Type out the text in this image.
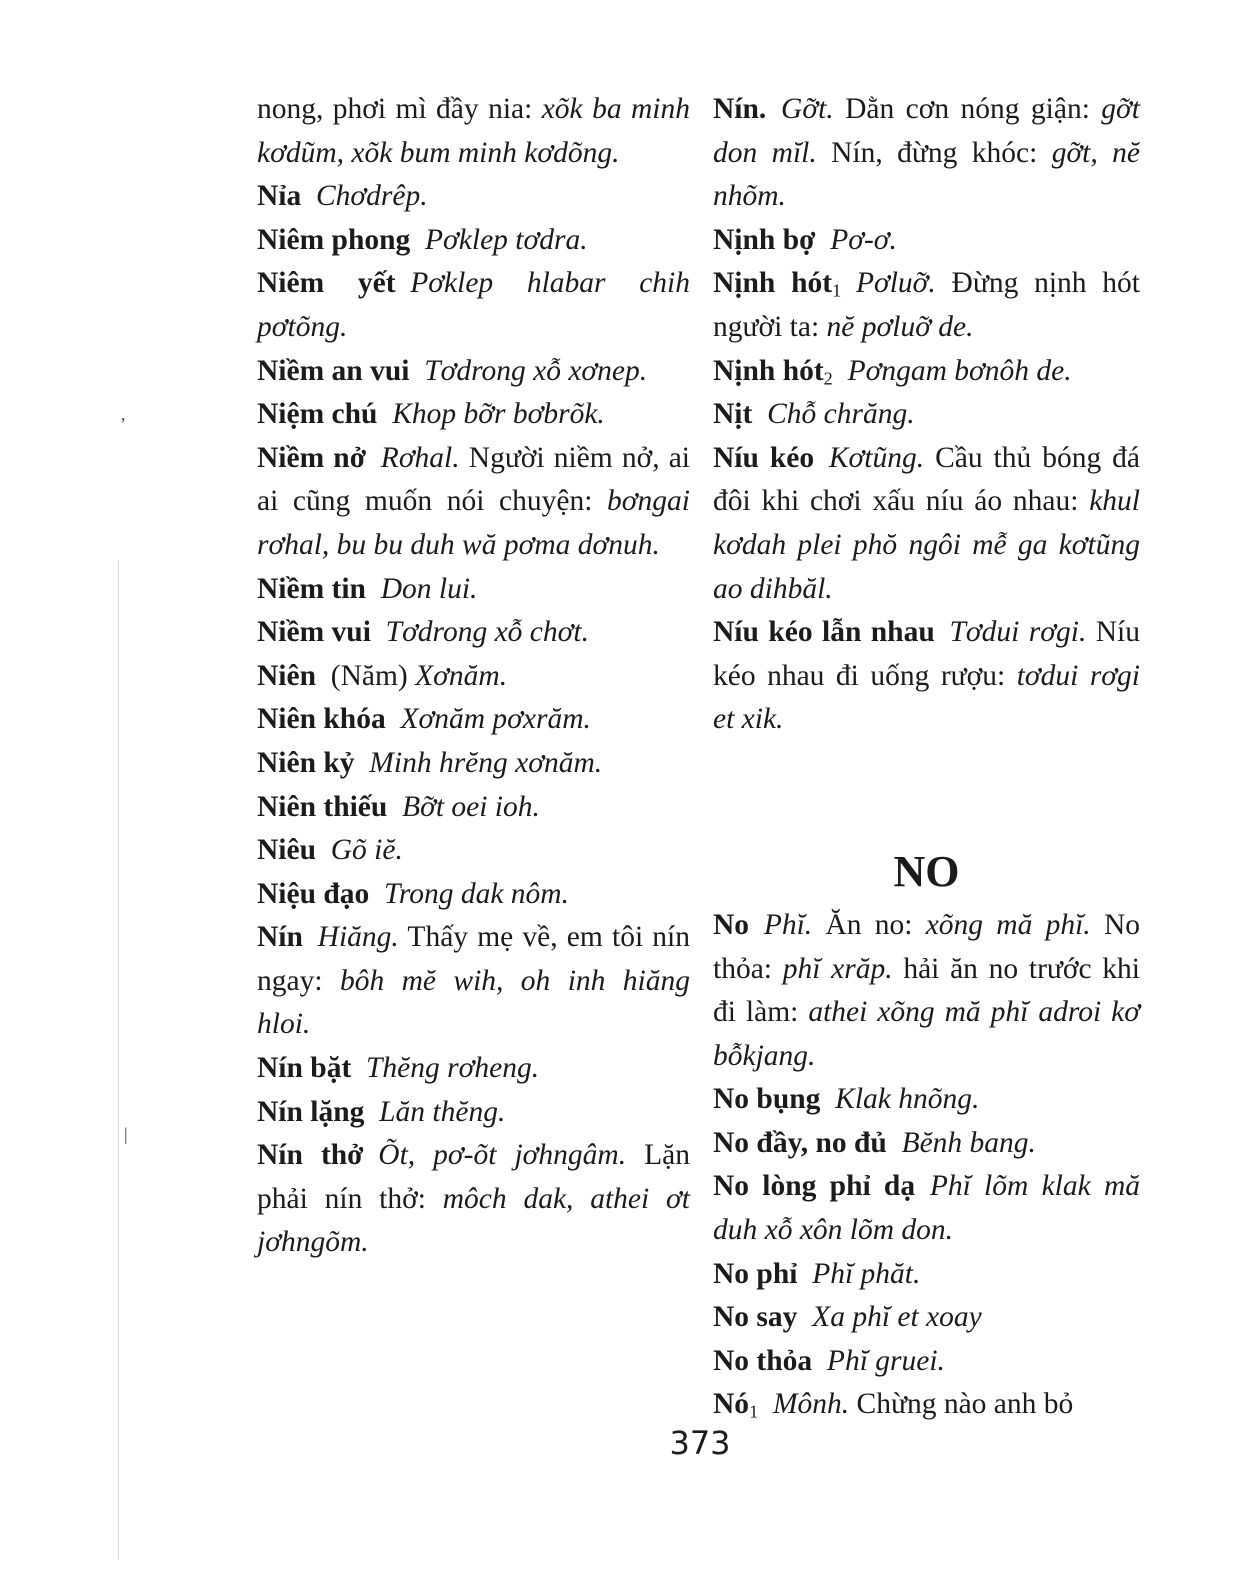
’
|
nong, phơi mì đầy nia: xõk ba minh kơdũm, xõk bum minh kơdõng.
Nỉa  Chơdrêp.
Niêm phong  Pơklep tơdra.
Niêm yết  Pơklep hlabar chih pơtõng.
Niềm an vui  Tơdrong xỗ xơnep.
Niệm chú  Khop bỡr bơbrõk.
Niềm nở  Rơhal. Người niềm nở, ai ai cũng muốn nói chuyện: bơngai rơhal, bu bu duh wă pơma dơnuh.
Niềm tin  Don lui.
Niềm vui  Tơdrong xỗ chơt.
Niên  (Năm) Xơnăm.
Niên khóa  Xơnăm pơxrăm.
Niên kỷ  Minh hrĕng xơnăm.
Niên thiếu  Bỡt oei ioh.
Niêu  Gõ iĕ.
Niệu đạo  Trong dak nôm.
Nín  Hiăng. Thấy mẹ về, em tôi nín ngay: bôh mĕ wih, oh inh hiăng hloi.
Nín bặt  Thĕng rơheng.
Nín lặng  Lăn thĕng.
Nín thở  Õt, pơ-õt jơhngâm. Lặn phải nín thở: môch dak, athei ơt jơhngõm.
Nín.  Gỡt. Dằn cơn nóng giận: gỡt don mĭl. Nín, đừng khóc: gỡt, nĕ nhõm.
Nịnh bợ  Pơ-ơ.
Nịnh hót$_1$  Pơluỡ. Đừng nịnh hót người ta: nĕ pơluỡ de.
Nịnh hót$_2$  Pơngam bơnôh de.
Nịt  Chỗ chrăng.
Níu kéo  Kơtũng. Cầu thủ bóng đá đôi khi chơi xấu níu áo nhau: khul kơdah plei phŏ ngôi mễ ga kơtũng ao dihbăl.
Níu kéo lẫn nhau  Tơdui rơgi. Níu kéo nhau đi uống rượu: tơdui rơgi et xik.
NO
No  Phĭ. Ăn no: xõng mă phĭ. No thỏa: phĭ xrăp. hải ăn no trước khi đi làm: athei xõng mă phĭ adroi kơ bỗkjang.
No bụng  Klak hnõng.
No đầy, no đủ  Bĕnh bang.
No lòng phỉ dạ  Phĭ lõm klak mă duh xỗ xôn lõm don.
No phỉ  Phĭ phăt.
No say  Xa phĭ et xoay
No thỏa  Phĭ gruei.
$Nó_1$  Mônh. Chừng nào anh bỏ
373
